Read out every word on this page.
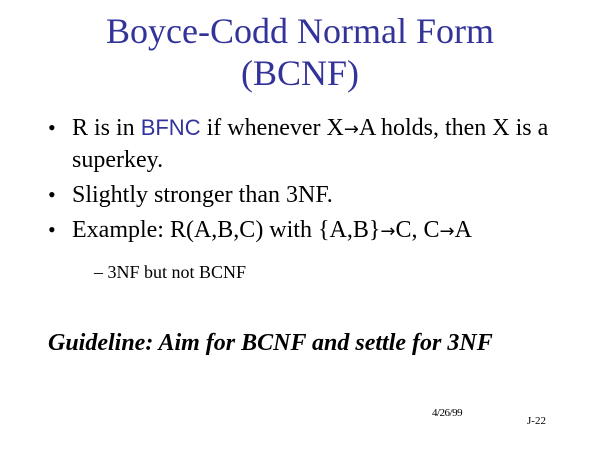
Boyce-Codd Normal Form
(BCNF)
• R is in BFNC if whenever X→A holds, then X is a superkey.
• Slightly stronger than 3NF.
• Example: R(A,B,C) with {A,B}→C, C→A
– 3NF but not BCNF
Guideline: Aim for BCNF and settle for 3NF
4/26/99
J-22
